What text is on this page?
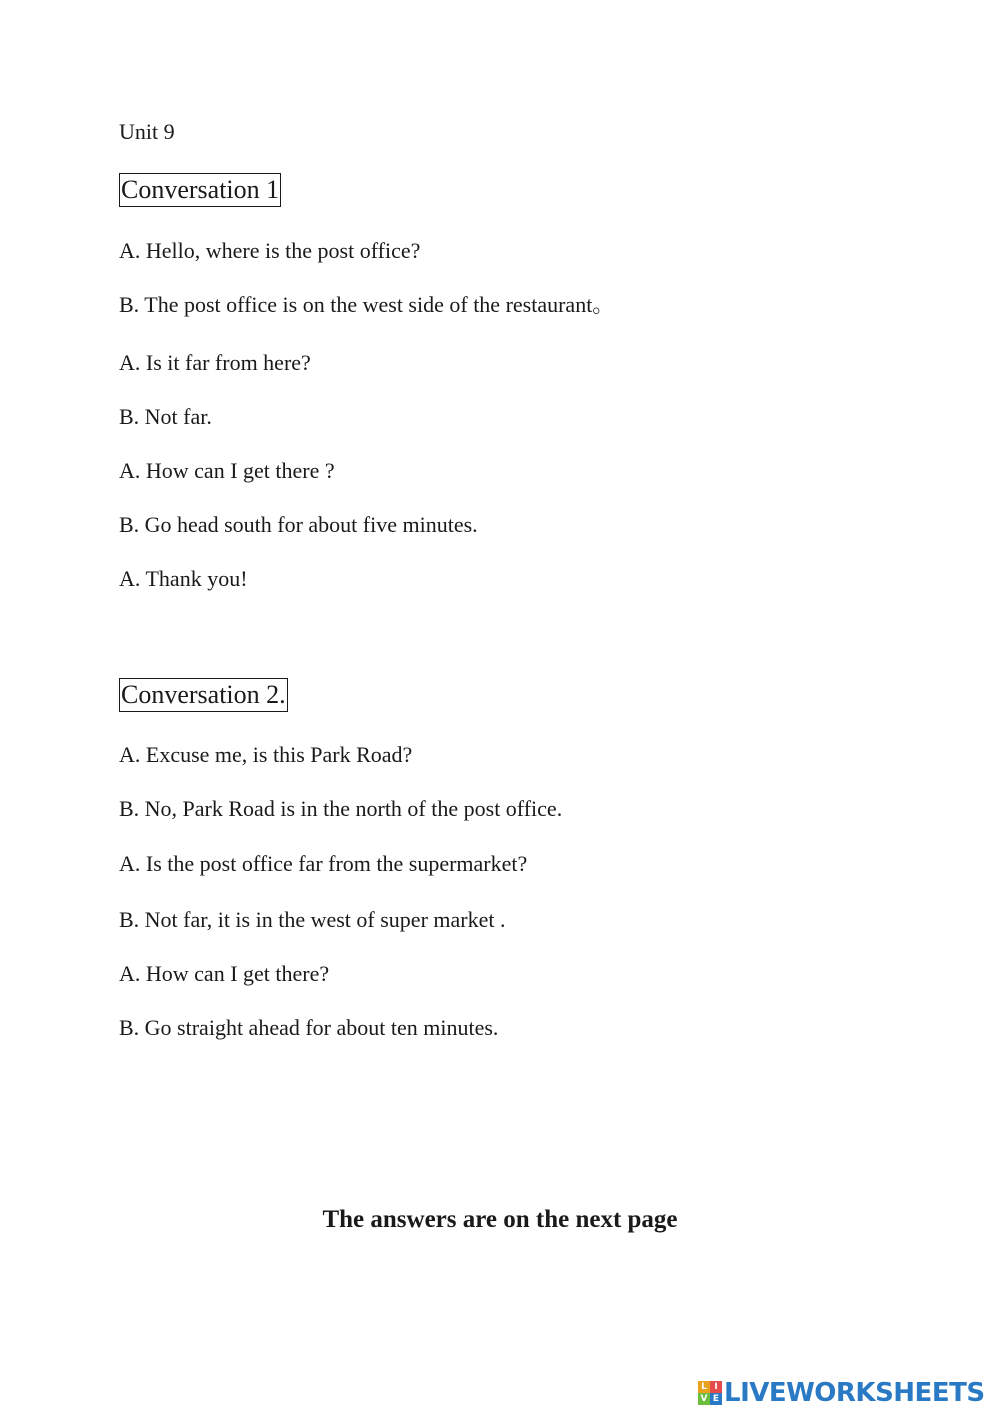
Unit 9
Conversation 1
A. Hello, where is the post office?
B. The post office is on the west side of the restaurant。
A. Is it far from here?
B. Not far.
A. How can I get there ?
B. Go head south for about five minutes.
A. Thank you!
Conversation 2.
A. Excuse me, is this Park Road?
B. No, Park Road is in the north of the post office.
A. Is the post office far from the supermarket?
B. Not far, it is in the west of super market .
A. How can I get there?
B. Go straight ahead for about ten minutes.
The answers are on the next page
L I
V E LIVEWORKSHEETS
